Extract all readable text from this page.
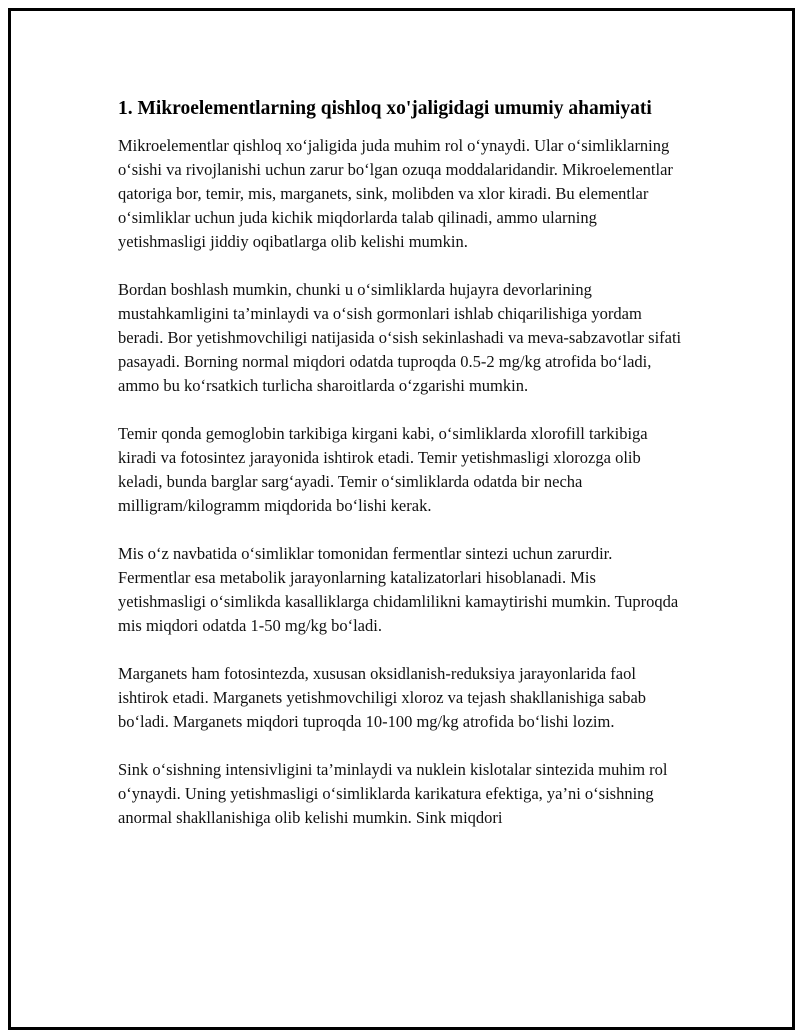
1. Mikroelementlarning qishloq xo'jaligidagi umumiy ahamiyati

Mikroelementlar qishloq xo‘jaligida juda muhim rol o‘ynaydi. Ular o‘simliklarning o‘sishi va rivojlanishi uchun zarur bo‘lgan ozuqa moddalaridandir. Mikroelementlar qatoriga bor, temir, mis, marganets, sink, molibden va xlor kiradi. Bu elementlar o‘simliklar uchun juda kichik miqdorlarda talab qilinadi, ammo ularning yetishmasligi jiddiy oqibatlarga olib kelishi mumkin.

Bordan boshlash mumkin, chunki u o‘simliklarda hujayra devorlarining mustahkamligini ta’minlaydi va o‘sish gormonlari ishlab chiqarilishiga yordam beradi. Bor yetishmovchiligi natijasida o‘sish sekinlashadi va meva-sabzavotlar sifati pasayadi. Borning normal miqdori odatda tuproqda 0.5-2 mg/kg atrofida bo‘ladi, ammo bu ko‘rsatkich turlicha sharoitlarda o‘zgarishi mumkin.

Temir qonda gemoglobin tarkibiga kirgani kabi, o‘simliklarda xlorofill tarkibiga kiradi va fotosintez jarayonida ishtirok etadi. Temir yetishmasligi xlorozga olib keladi, bunda barglar sarg‘ayadi. Temir o‘simliklarda odatda bir necha milligram/kilogramm miqdorida bo‘lishi kerak.

Mis o‘z navbatida o‘simliklar tomonidan fermentlar sintezi uchun zarurdir. Fermentlar esa metabolik jarayonlarning katalizatorlari hisoblanadi. Mis yetishmasligi o‘simlikda kasalliklarga chidamlilikni kamaytirishi mumkin. Tuproqda mis miqdori odatda 1-50 mg/kg bo‘ladi.

Marganets ham fotosintezda, xususan oksidlanish-reduksiya jarayonlarida faol ishtirok etadi. Marganets yetishmovchiligi xloroz va tejash shakllanishiga sabab bo‘ladi. Marganets miqdori tuproqda 10-100 mg/kg atrofida bo‘lishi lozim.

Sink o‘sishning intensivligini ta’minlaydi va nuklein kislotalar sintezida muhim rol o‘ynaydi. Uning yetishmasligi o‘simliklarda karikatura efektiga, ya’ni o‘sishning anormal shakllanishiga olib kelishi mumkin. Sink miqdori
